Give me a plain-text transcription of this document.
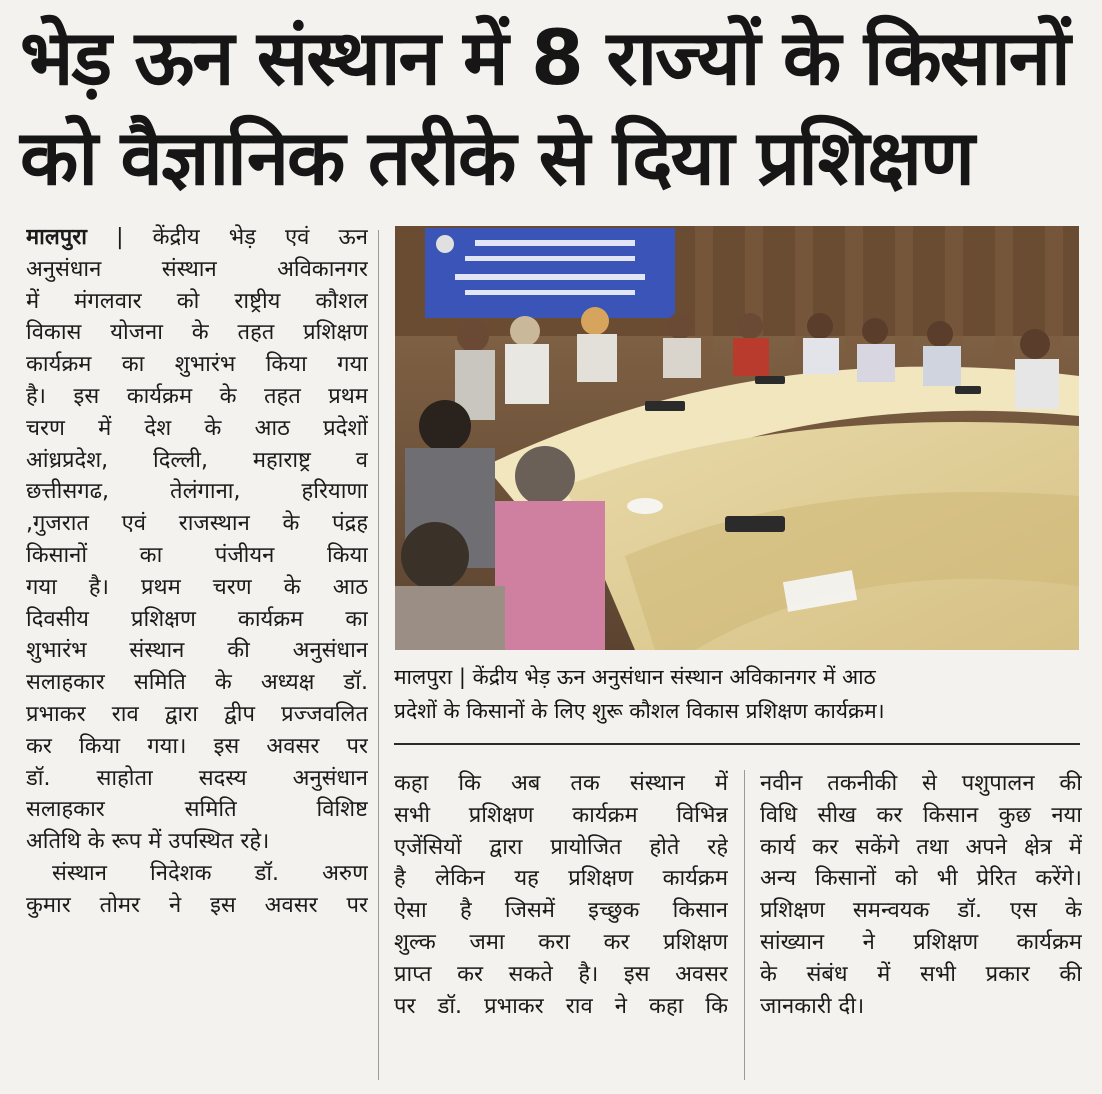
भेड़ ऊन संस्थान में 8 राज्यों के किसानों
को वैज्ञानिक तरीके से दिया प्रशिक्षण
मालपुरा | केंद्रीय भेड़ एवं ऊन
अनुसंधान संस्थान अविकानगर
में मंगलवार को राष्ट्रीय कौशल
विकास योजना के तहत प्रशिक्षण
कार्यक्रम का शुभारंभ किया गया
है। इस कार्यक्रम के तहत प्रथम
चरण में देश के आठ प्रदेशों
आंध्रप्रदेश, दिल्ली, महाराष्ट्र व
छत्तीसगढ, तेलंगाना, हरियाणा
,गुजरात एवं राजस्थान के पंद्रह
किसानों का पंजीयन किया
गया है। प्रथम चरण के आठ
दिवसीय प्रशिक्षण कार्यक्रम का
शुभारंभ संस्थान की अनुसंधान
सलाहकार समिति के अध्यक्ष डॉ.
प्रभाकर राव द्वारा द्वीप प्रज्जवलित
कर किया गया। इस अवसर पर
डॉ. साहोता सदस्य अनुसंधान
सलाहकार समिति विशिष्ट
अतिथि के रूप में उपस्थित रहे।
संस्थान निदेशक डॉ. अरुण
कुमार तोमर ने इस अवसर पर
मालपुरा | केंद्रीय भेड़ ऊन अनुसंधान संस्थान अविकानगर में आठ
प्रदेशों के किसानों के लिए शुरू कौशल विकास प्रशिक्षण कार्यक्रम।
कहा कि अब तक संस्थान में
सभी प्रशिक्षण कार्यक्रम विभिन्न
एजेंसियों द्वारा प्रायोजित होते रहे
है लेकिन यह प्रशिक्षण कार्यक्रम
ऐसा है जिसमें इच्छुक किसान
शुल्क जमा करा कर प्रशिक्षण
प्राप्त कर सकते है। इस अवसर
पर डॉ. प्रभाकर राव ने कहा कि
नवीन तकनीकी से पशुपालन की
विधि सीख कर किसान कुछ नया
कार्य कर सकेंगे तथा अपने क्षेत्र में
अन्य किसानों को भी प्रेरित करेंगे।
प्रशिक्षण समन्वयक डॉ. एस के
सांख्यान ने प्रशिक्षण कार्यक्रम
के संबंध में सभी प्रकार की
जानकारी दी।
